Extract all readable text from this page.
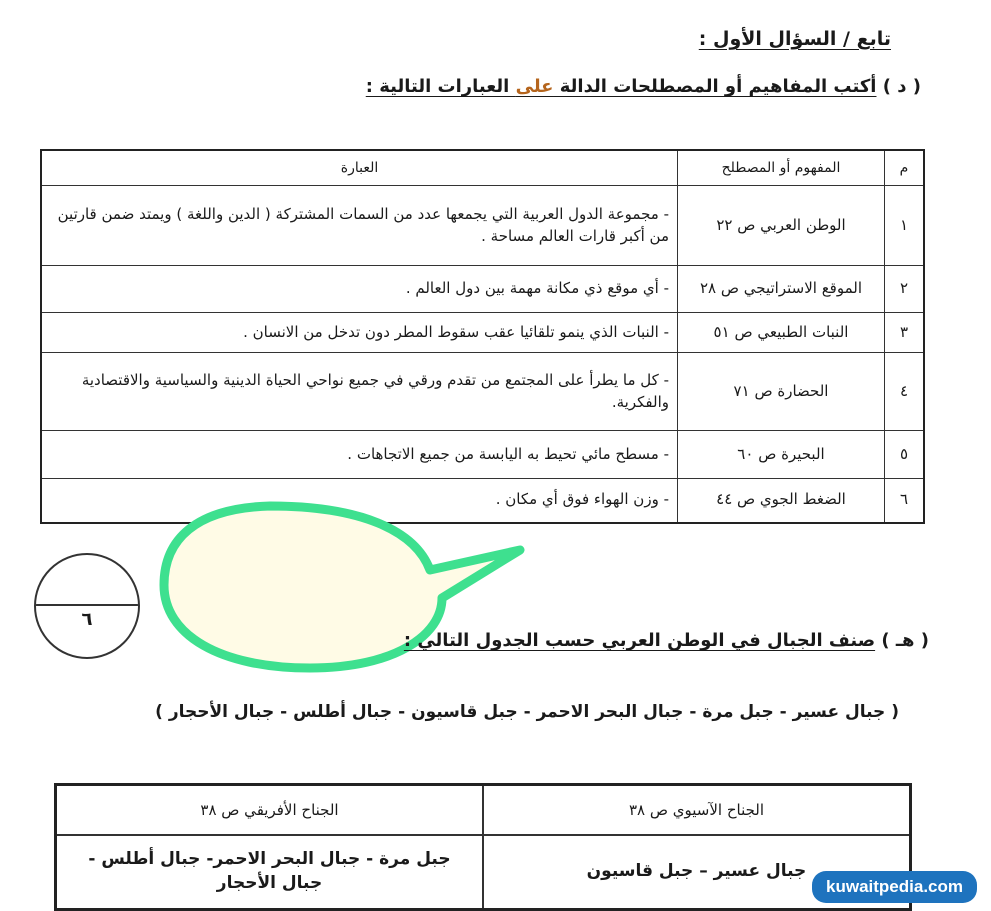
تابع / السؤال الأول :
( د ) أكتب المفاهيم أو المصطلحات الدالة على العبارات التالية :
م	المفهوم أو المصطلح	العبارة
١	الوطن العربي ص ٢٢	- مجموعة الدول العربية التي يجمعها عدد من السمات المشتركة ( الدين واللغة ) ويمتد ضمن قارتين من أكبر قارات العالم مساحة .
٢	الموقع الاستراتيجي ص ٢٨	- أي موقع ذي مكانة مهمة بين دول العالم .
٣	النبات الطبيعي ص ٥١	- النبات الذي ينمو تلقائيا عقب سقوط المطر دون تدخل من الانسان .
٤	الحضارة ص ٧١	- كل ما يطرأ على المجتمع من تقدم ورقي في جميع نواحي الحياة الدينية والسياسية والاقتصادية والفكرية.
٥	البحيرة ص ٦٠	- مسطح مائي تحيط به اليابسة من جميع الاتجاهات .
٦	الضغط الجوي ص ٤٤	- وزن الهواء فوق أي مكان .
٦
( هـ ) صنف الجبال في الوطن العربي حسب الجدول التالي :
( جبال عسير - جبل مرة - جبال البحر الاحمر - جبل قاسيون - جبال أطلس - جبال الأحجار )
الجناح الآسيوي ص ٣٨	الجناح الأفريقي ص ٣٨
جبال عسير – جبل قاسيون	جبل مرة - جبال البحر الاحمر- جبال أطلس -
جبال الأحجار	kuwaitpedia.com
